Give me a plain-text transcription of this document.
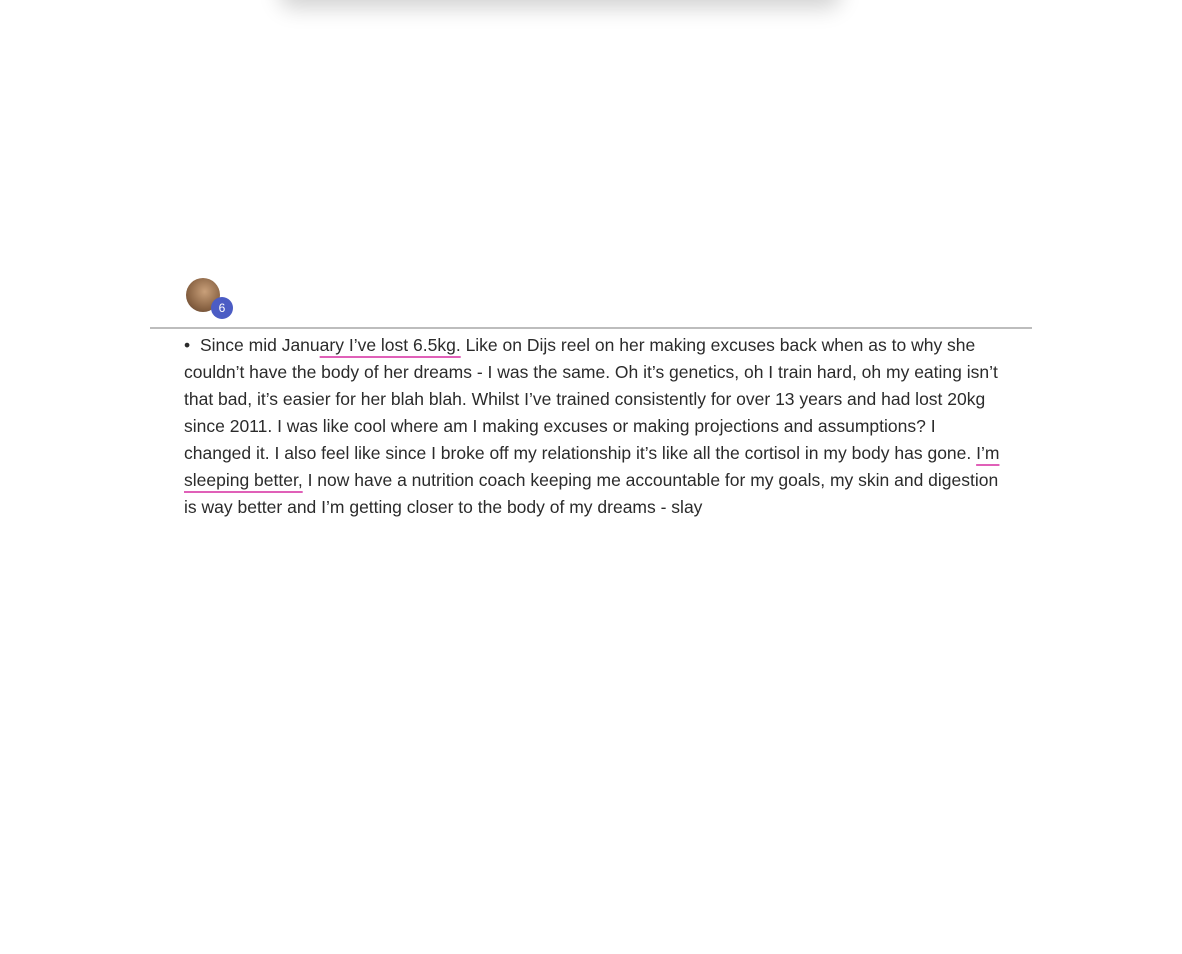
6
• Since mid January I’ve lost 6.5kg. Like on Dijs reel on her making excuses back when as to why she couldn’t have the body of her dreams - I was the same. Oh it’s genetics, oh I train hard, oh my eating isn’t that bad, it’s easier for her blah blah. Whilst I’ve trained consistently for over 13 years and had lost 20kg since 2011. I was like cool where am I making excuses or making projections and assumptions? I changed it. I also feel like since I broke off my relationship it’s like all the cortisol in my body has gone. I’m sleeping better, I now have a nutrition coach keeping me accountable for my goals, my skin and digestion is way better and I’m getting closer to the body of my dreams - slay
